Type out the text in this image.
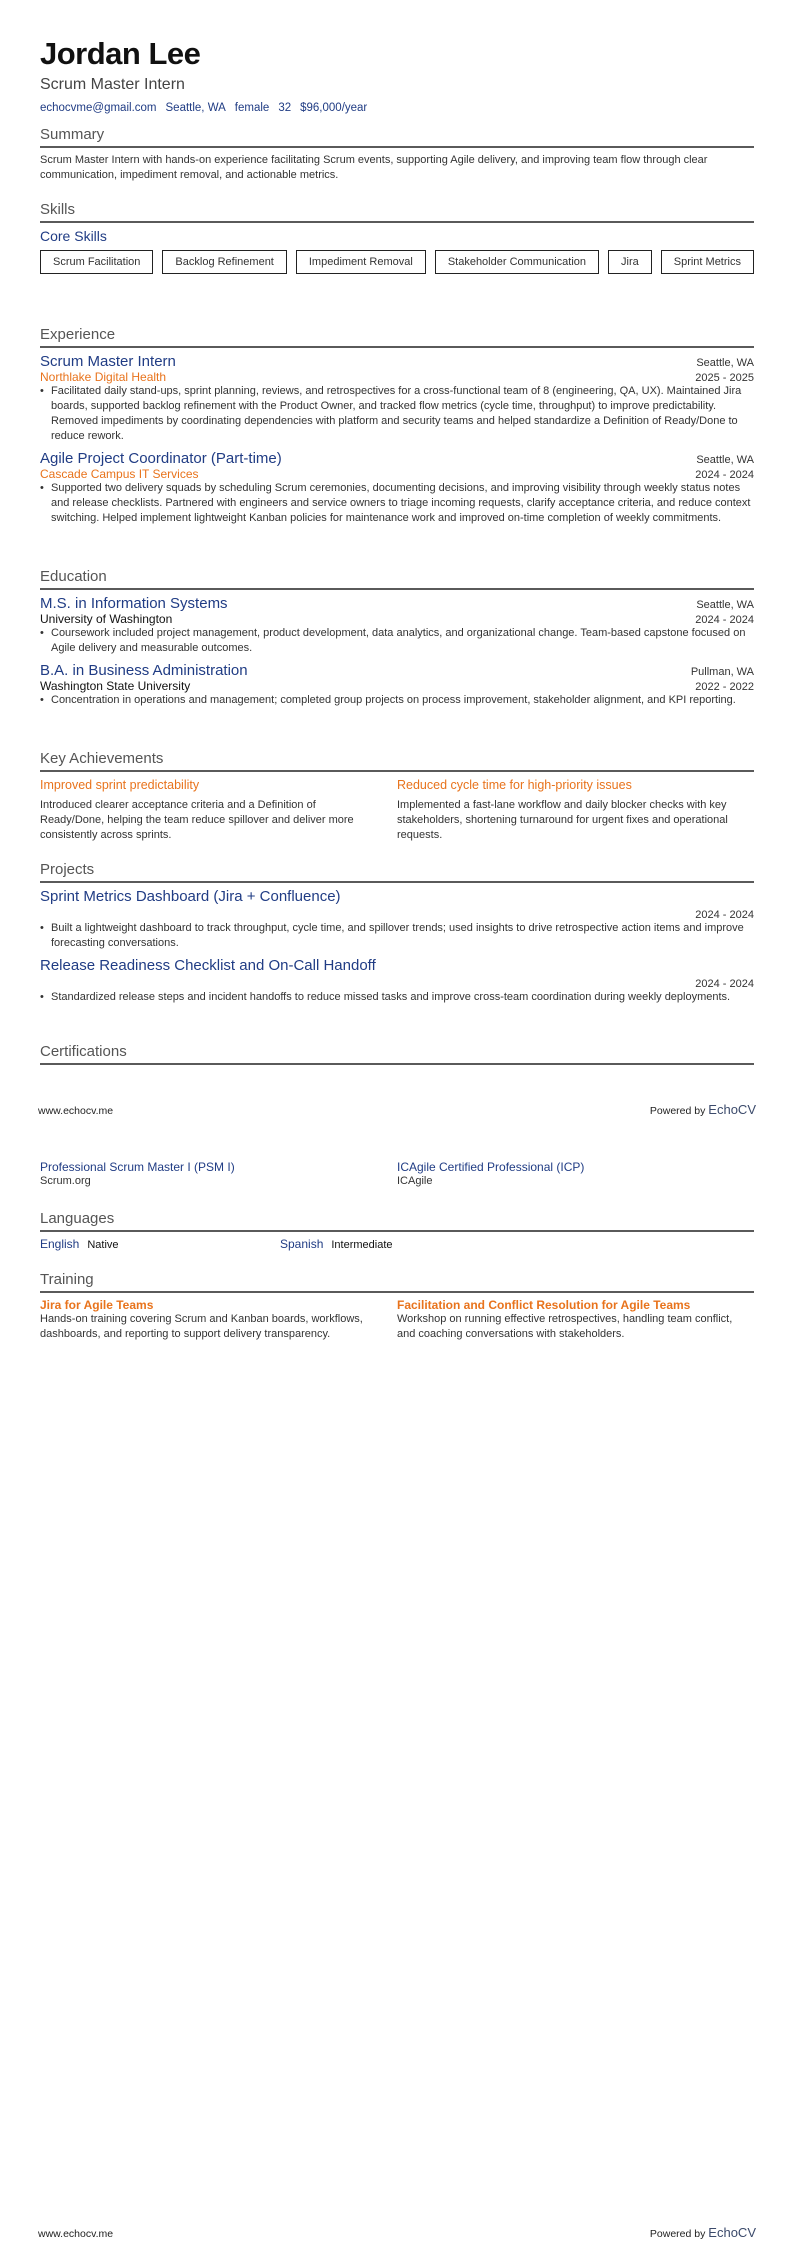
Jordan Lee
Scrum Master Intern
echocvme@gmail.com Seattle, WA female 32 $96,000/year
Summary
Scrum Master Intern with hands-on experience facilitating Scrum events, supporting Agile delivery, and improving team flow through clear communication, impediment removal, and actionable metrics.
Skills
Core Skills
Scrum Facilitation	Backlog Refinement	Impediment Removal	Stakeholder Communication	Jira	Sprint Metrics
Experience
Scrum Master Intern	Seattle, WA
Northlake Digital Health	2025 - 2025
• Facilitated daily stand-ups, sprint planning, reviews, and retrospectives for a cross-functional team of 8 (engineering, QA, UX). Maintained Jira boards, supported backlog refinement with the Product Owner, and tracked flow metrics (cycle time, throughput) to improve predictability. Removed impediments by coordinating dependencies with platform and security teams and helped standardize a Definition of Ready/Done to reduce rework.
Agile Project Coordinator (Part-time)	Seattle, WA
Cascade Campus IT Services	2024 - 2024
• Supported two delivery squads by scheduling Scrum ceremonies, documenting decisions, and improving visibility through weekly status notes and release checklists. Partnered with engineers and service owners to triage incoming requests, clarify acceptance criteria, and reduce context switching. Helped implement lightweight Kanban policies for maintenance work and improved on-time completion of weekly commitments.
Education
M.S. in Information Systems	Seattle, WA
University of Washington	2024 - 2024
• Coursework included project management, product development, data analytics, and organizational change. Team-based capstone focused on Agile delivery and measurable outcomes.
B.A. in Business Administration	Pullman, WA
Washington State University	2022 - 2022
• Concentration in operations and management; completed group projects on process improvement, stakeholder alignment, and KPI reporting.
Key Achievements
Improved sprint predictability
Introduced clearer acceptance criteria and a Definition of Ready/Done, helping the team reduce spillover and deliver more consistently across sprints.
Reduced cycle time for high-priority issues
Implemented a fast-lane workflow and daily blocker checks with key stakeholders, shortening turnaround for urgent fixes and operational requests.
Projects
Sprint Metrics Dashboard (Jira + Confluence)
2024 - 2024
• Built a lightweight dashboard to track throughput, cycle time, and spillover trends; used insights to drive retrospective action items and improve forecasting conversations.
Release Readiness Checklist and On-Call Handoff
2024 - 2024
• Standardized release steps and incident handoffs to reduce missed tasks and improve cross-team coordination during weekly deployments.
Certifications
www.echocv.me	Powered by EchoCV
Professional Scrum Master I (PSM I)
Scrum.org
ICAgile Certified Professional (ICP)
ICAgile
Languages
English Native	Spanish Intermediate
Training
Jira for Agile Teams
Hands-on training covering Scrum and Kanban boards, workflows, dashboards, and reporting to support delivery transparency.
Facilitation and Conflict Resolution for Agile Teams
Workshop on running effective retrospectives, handling team conflict, and coaching conversations with stakeholders.
www.echocv.me	Powered by EchoCV
